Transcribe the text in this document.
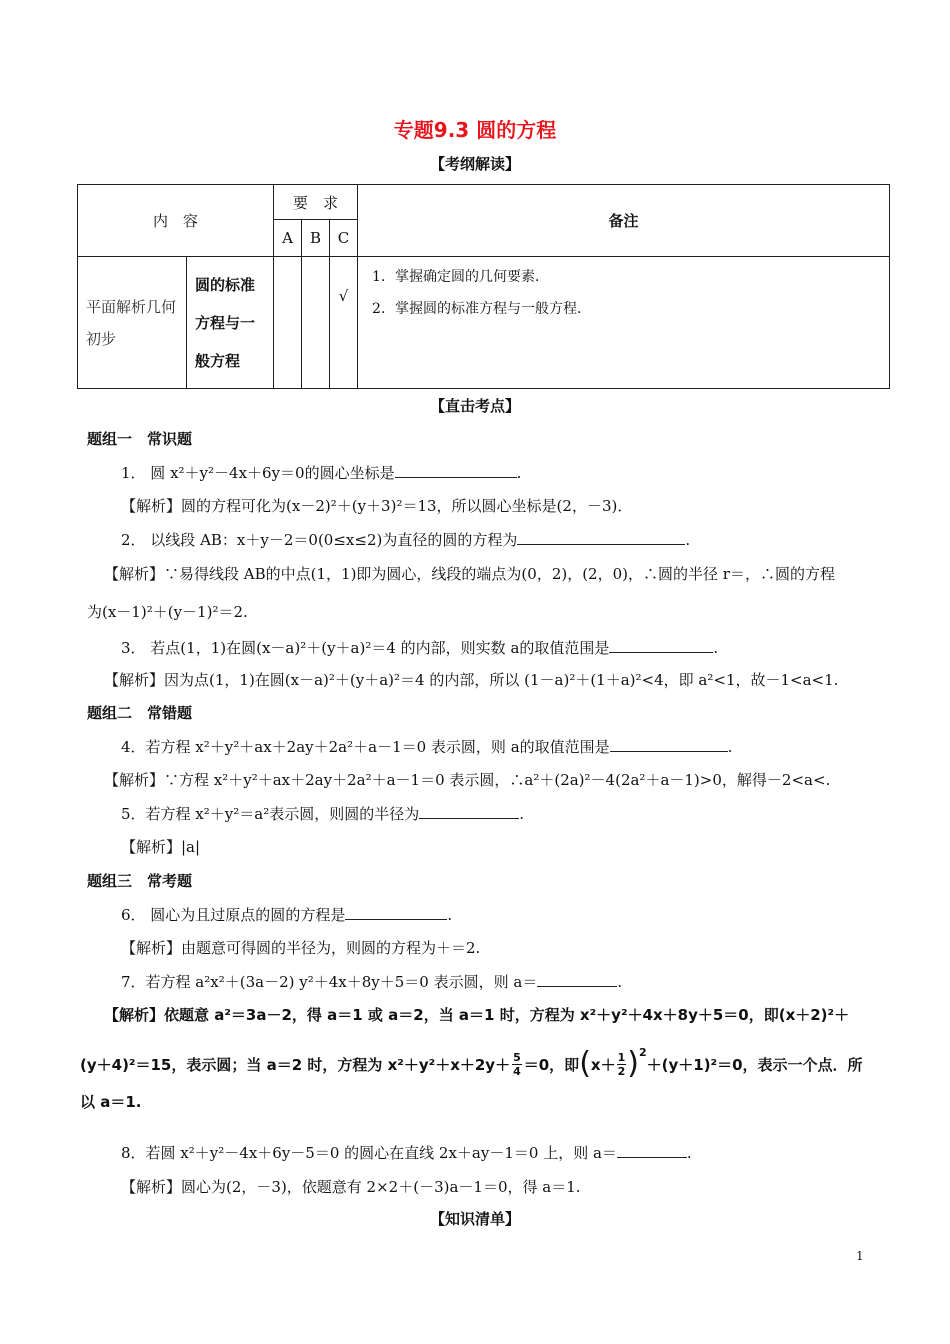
专题9.3 圆的方程
【考纲解读】
内　容		要　求			备注
		A	B	C	
平面解析几何初步	圆的标准方程与一般方程			√	1．掌握确定圆的几何要素．
2．掌握圆的标准方程与一般方程．
【直击考点】
题组一　常识题
1． 圆 x²＋y²－4x＋6y＝0的圆心坐标是	.
【解析】圆的方程可化为(x－2)²＋(y＋3)²＝13，所以圆心坐标是(2，－3)．
2． 以线段 AB：x＋y－2＝0(0≤x≤2)为直径的圆的方程为	.
【解析】∵易得线段 AB的中点(1，1)即为圆心，线段的端点为(0，2)，(2，0)，∴圆的半径 r＝，∴圆的方程
为(x－1)²＋(y－1)²＝2.
3． 若点(1，1)在圆(x－a)²＋(y＋a)²＝4 的内部，则实数 a的取值范围是	.
【解析】因为点(1，1)在圆(x－a)²＋(y＋a)²＝4 的内部，所以 (1－a)²＋(1＋a)²<4，即 a²<1，故－1<a<1.
题组二　常错题
4．若方程 x²＋y²＋ax＋2ay＋2a²＋a－1＝0 表示圆，则 a的取值范围是	.
【解析】∵方程 x²＋y²＋ax＋2ay＋2a²＋a－1＝0 表示圆，∴a²＋(2a)²－4(2a²＋a－1)>0，解得－2<a<.
5．若方程 x²＋y²＝a²表示圆，则圆的半径为	.
【解析】|a|
题组三　常考题
6． 圆心为且过原点的圆的方程是	.
【解析】由题意可得圆的半径为，则圆的方程为＋＝2.
7．若方程 a²x²＋(3a－2) y²＋4x＋8y＋5＝0 表示圆，则 a＝	.
【解析】依题意 a²＝3a－2，得 a＝1 或 a＝2，当 a＝1 时，方程为 x²＋y²＋4x＋8y＋5＝0，即(x＋2)²＋
(y＋4)²＝15，表示圆；当 a＝2 时，方程为 $x^2+y^2+x+2y+ \frac{5}{4} =0$，即 ( $x+ \frac{1}{2}$ ) 2
＋(y＋1)²＝0，表示一个点．所
以 a＝1.
8．若圆 x²＋y²－4x＋6y－5＝0 的圆心在直线 2x＋ay－1＝0 上，则 a＝	.
【解析】圆心为(2，－3)，依题意有 2×2＋(－3)a－1＝0，得 a＝1.
【知识清单】
1
